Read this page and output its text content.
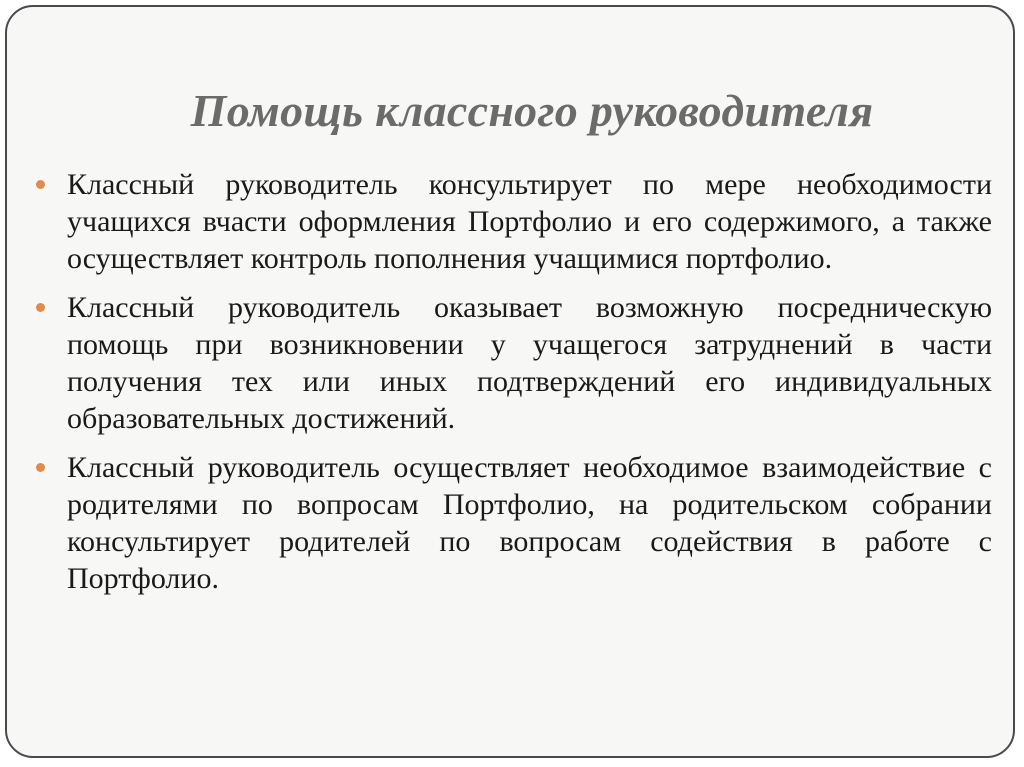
Помощь классного руководителя
Классный руководитель консультирует по мере необходимости учащихся вчасти оформления Портфолио и его содержимого, а также осуществляет контроль пополнения учащимися портфолио.
Классный руководитель оказывает возможную посредническую помощь при возникновении у учащегося затруднений в части получения тех или иных подтверждений его индивидуальных образовательных достижений.
Классный руководитель осуществляет необходимое взаимодействие с родителями по вопросам Портфолио, на родительском собрании консультирует родителей по вопросам содействия в работе с Портфолио.
